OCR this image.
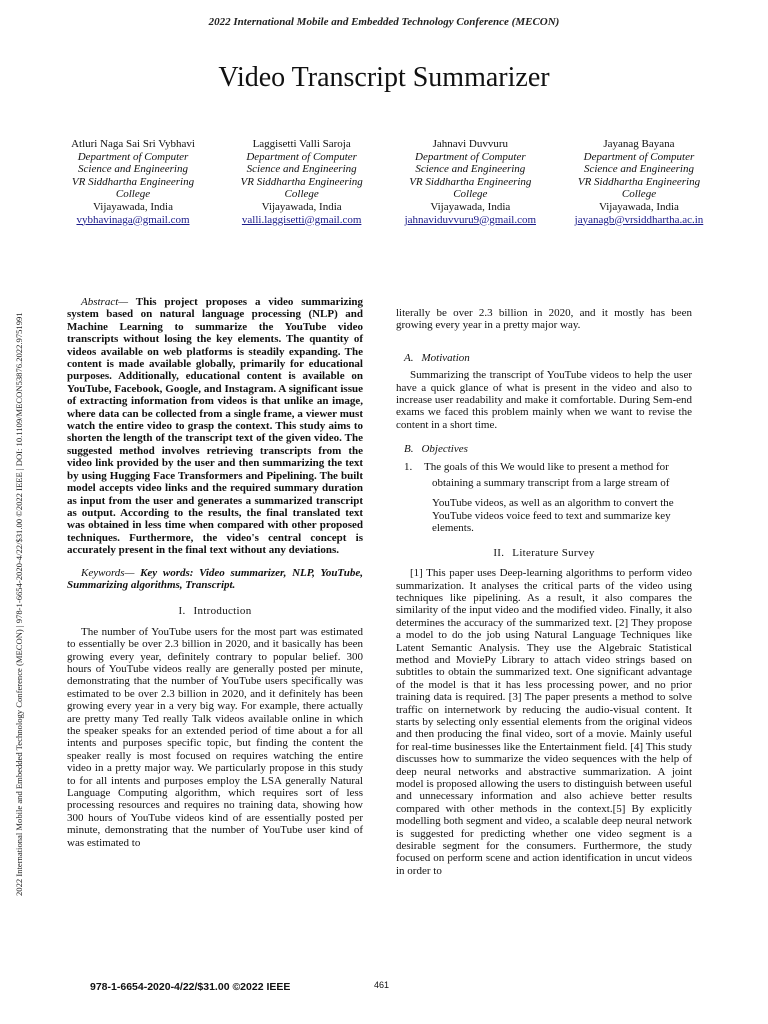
2022 International Mobile and Embedded Technology Conference (MECON)
Video Transcript Summarizer
2022 International Mobile and Embedded Technology Conference (MECON) | 978-1-6654-2020-4/22/$31.00 ©2022 IEEE | DOI: 10.1109/MECON53876.2022.9751991
Atluri Naga Sai Sri Vybhavi
Department of Computer
Science and Engineering
VR Siddhartha Engineering
College
Vijayawada, India
vybhavinaga@gmail.com
Laggisetti Valli Saroja
Department of Computer
Science and Engineering
VR Siddhartha Engineering
College
Vijayawada, India
valli.laggisetti@gmail.com
Jahnavi Duvvuru
Department of Computer
Science and Engineering
VR Siddhartha Engineering
College
Vijayawada, India
jahnaviduvvuru9@gmail.com
Jayanag Bayana
Department of Computer
Science and Engineering
VR Siddhartha Engineering
College
Vijayawada, India
jayanagb@vrsiddhartha.ac.in

Abstract— This project proposes a video summarizing system based on natural language processing (NLP) and Machine Learning to summarize the YouTube video transcripts without losing the key elements. The quantity of videos available on web platforms is steadily expanding. The content is made available globally, primarily for educational purposes. Additionally, educational content is available on YouTube, Facebook, Google, and Instagram. A significant issue of extracting information from videos is that unlike an image, where data can be collected from a single frame, a viewer must watch the entire video to grasp the context. This study aims to shorten the length of the transcript text of the given video. The suggested method involves retrieving transcripts from the video link provided by the user and then summarizing the text by using Hugging Face Transformers and Pipelining. The built model accepts video links and the required summary duration as input from the user and generates a summarized transcript as output. According to the results, the final translated text was obtained in less time when compared with other proposed techniques. Furthermore, the video's central concept is accurately present in the final text without any deviations.

Keywords— Key words: Video summarizer, NLP, YouTube, Summarizing algorithms, Transcript.

I. Introduction

The number of YouTube users for the most part was estimated to essentially be over 2.3 billion in 2020, and it basically has been growing every year, definitely contrary to popular belief. 300 hours of YouTube videos really are generally posted per minute, demonstrating that the number of YouTube users specifically was estimated to be over 2.3 billion in 2020, and it definitely has been growing every year in a very big way. For example, there actually are pretty many Ted really Talk videos available online in which the speaker speaks for an extended period of time about a for all intents and purposes specific topic, but finding the content the speaker really is most focused on requires watching the entire video in a pretty major way. We particularly propose in this study to for all intents and purposes employ the LSA generally Natural Language Computing algorithm, which requires sort of less processing resources and requires no training data, showing how 300 hours of YouTube videos kind of are essentially posted per minute, demonstrating that the number of YouTube user kind of was estimated to

literally be over 2.3 billion in 2020, and it mostly has been growing every year in a pretty major way.

A. Motivation

Summarizing the transcript of YouTube videos to help the user have a quick glance of what is present in the video and also to increase user readability and make it comfortable. During Sem-end exams we faced this problem mainly when we want to revise the content in a short time.

B. Objectives
1. The goals of this We would like to present a method for
obtaining a summary transcript from a large stream of
YouTube videos, as well as an algorithm to convert the YouTube videos voice feed to text and summarize key elements.
II. Literature Survey

[1] This paper uses Deep-learning algorithms to perform video summarization. It analyses the critical parts of the video using techniques like pipelining. As a result, it also compares the similarity of the input video and the modified video. Finally, it also determines the accuracy of the summarized text. [2] They propose a model to do the job using Natural Language Techniques like Latent Semantic Analysis. They use the Algebraic Statistical method and MoviePy Library to attach video strings based on subtitles to obtain the summarized text. One significant advantage of the model is that it has less processing power, and no prior training data is required. [3] The paper presents a method to solve traffic on internetwork by reducing the audio-visual content. It starts by selecting only essential elements from the original videos and then producing the final video, sort of a movie. Mainly useful for real-time businesses like the Entertainment field. [4] This study discusses how to summarize the video sequences with the help of deep neural networks and abstractive summarization. A joint model is proposed allowing the users to distinguish between useful and unnecessary information and also achieve better results compared with other methods in the context.[5] By explicitly modelling both segment and video, a scalable deep neural network is suggested for predicting whether one video segment is a desirable segment for the consumers. Furthermore, the study focused on perform scene and action identification in uncut videos in order to

978-1-6654-2020-4/22/$31.00 ©2022 IEEE	461
